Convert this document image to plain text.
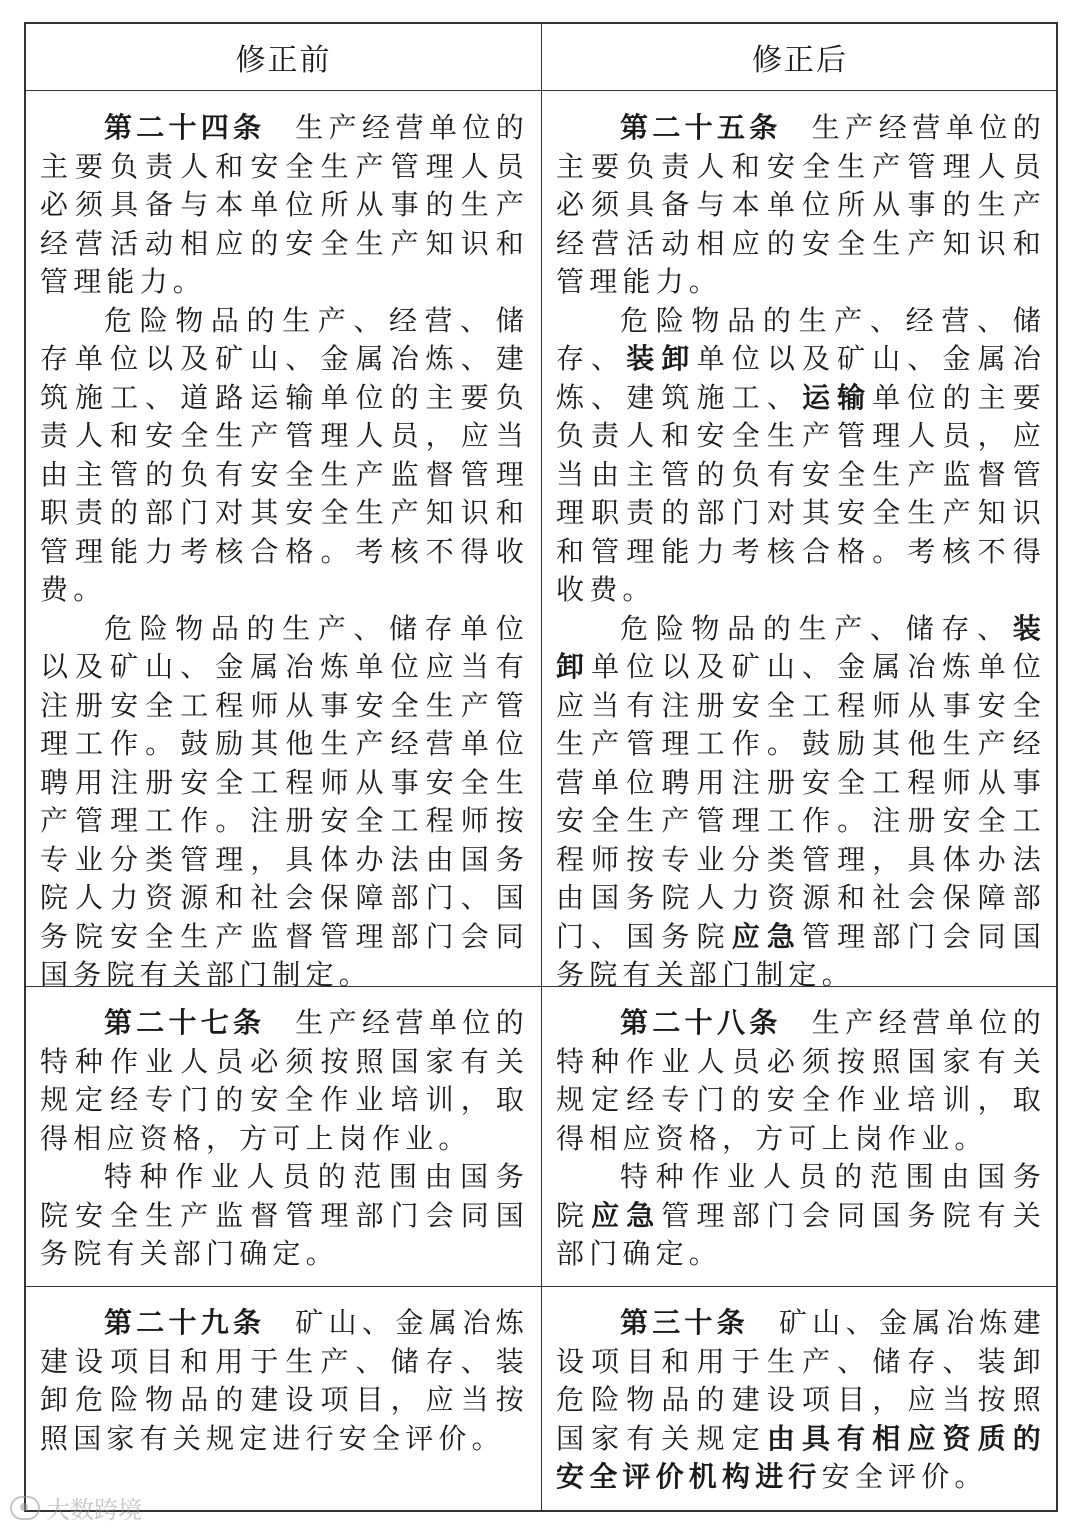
修正前	修正后

第二十四条 生产经营单位的主要负责人和安全生产管理人员必须具备与本单位所从事的生产经营活动相应的安全生产知识和管理能力。

危险物品的生产、经营、储存单位以及矿山、金属冶炼、建筑施工、道路运输单位的主要负责人和安全生产管理人员，应当由主管的负有安全生产监督管理职责的部门对其安全生产知识和管理能力考核合格。考核不得收费。

危险物品的生产、储存单位以及矿山、金属冶炼单位应当有注册安全工程师从事安全生产管理工作。鼓励其他生产经营单位聘用注册安全工程师从事安全生产管理工作。注册安全工程师按专业分类管理，具体办法由国务院人力资源和社会保障部门、国务院安全生产监督管理部门会同国务院有关部门制定。

第二十五条 生产经营单位的主要负责人和安全生产管理人员必须具备与本单位所从事的生产经营活动相应的安全生产知识和管理能力。

危险物品的生产、经营、储存、装卸单位以及矿山、金属冶炼、建筑施工、运输单位的主要负责人和安全生产管理人员，应当由主管的负有安全生产监督管理职责的部门对其安全生产知识和管理能力考核合格。考核不得收费。

危险物品的生产、储存、装卸单位以及矿山、金属冶炼单位应当有注册安全工程师从事安全生产管理工作。鼓励其他生产经营单位聘用注册安全工程师从事安全生产管理工作。注册安全工程师按专业分类管理，具体办法由国务院人力资源和社会保障部门、国务院应急管理部门会同国务院有关部门制定。

第二十七条 生产经营单位的特种作业人员必须按照国家有关规定经专门的安全作业培训，取得相应资格，方可上岗作业。

特种作业人员的范围由国务院安全生产监督管理部门会同国务院有关部门确定。

第二十八条 生产经营单位的特种作业人员必须按照国家有关规定经专门的安全作业培训，取得相应资格，方可上岗作业。

特种作业人员的范围由国务院应急管理部门会同国务院有关部门确定。

第二十九条 矿山、金属冶炼建设项目和用于生产、储存、装卸危险物品的建设项目，应当按照国家有关规定进行安全评价。

第三十条 矿山、金属冶炼建设项目和用于生产、储存、装卸危险物品的建设项目，应当按照国家有关规定由具有相应资质的安全评价机构进行安全评价。

大数跨境
